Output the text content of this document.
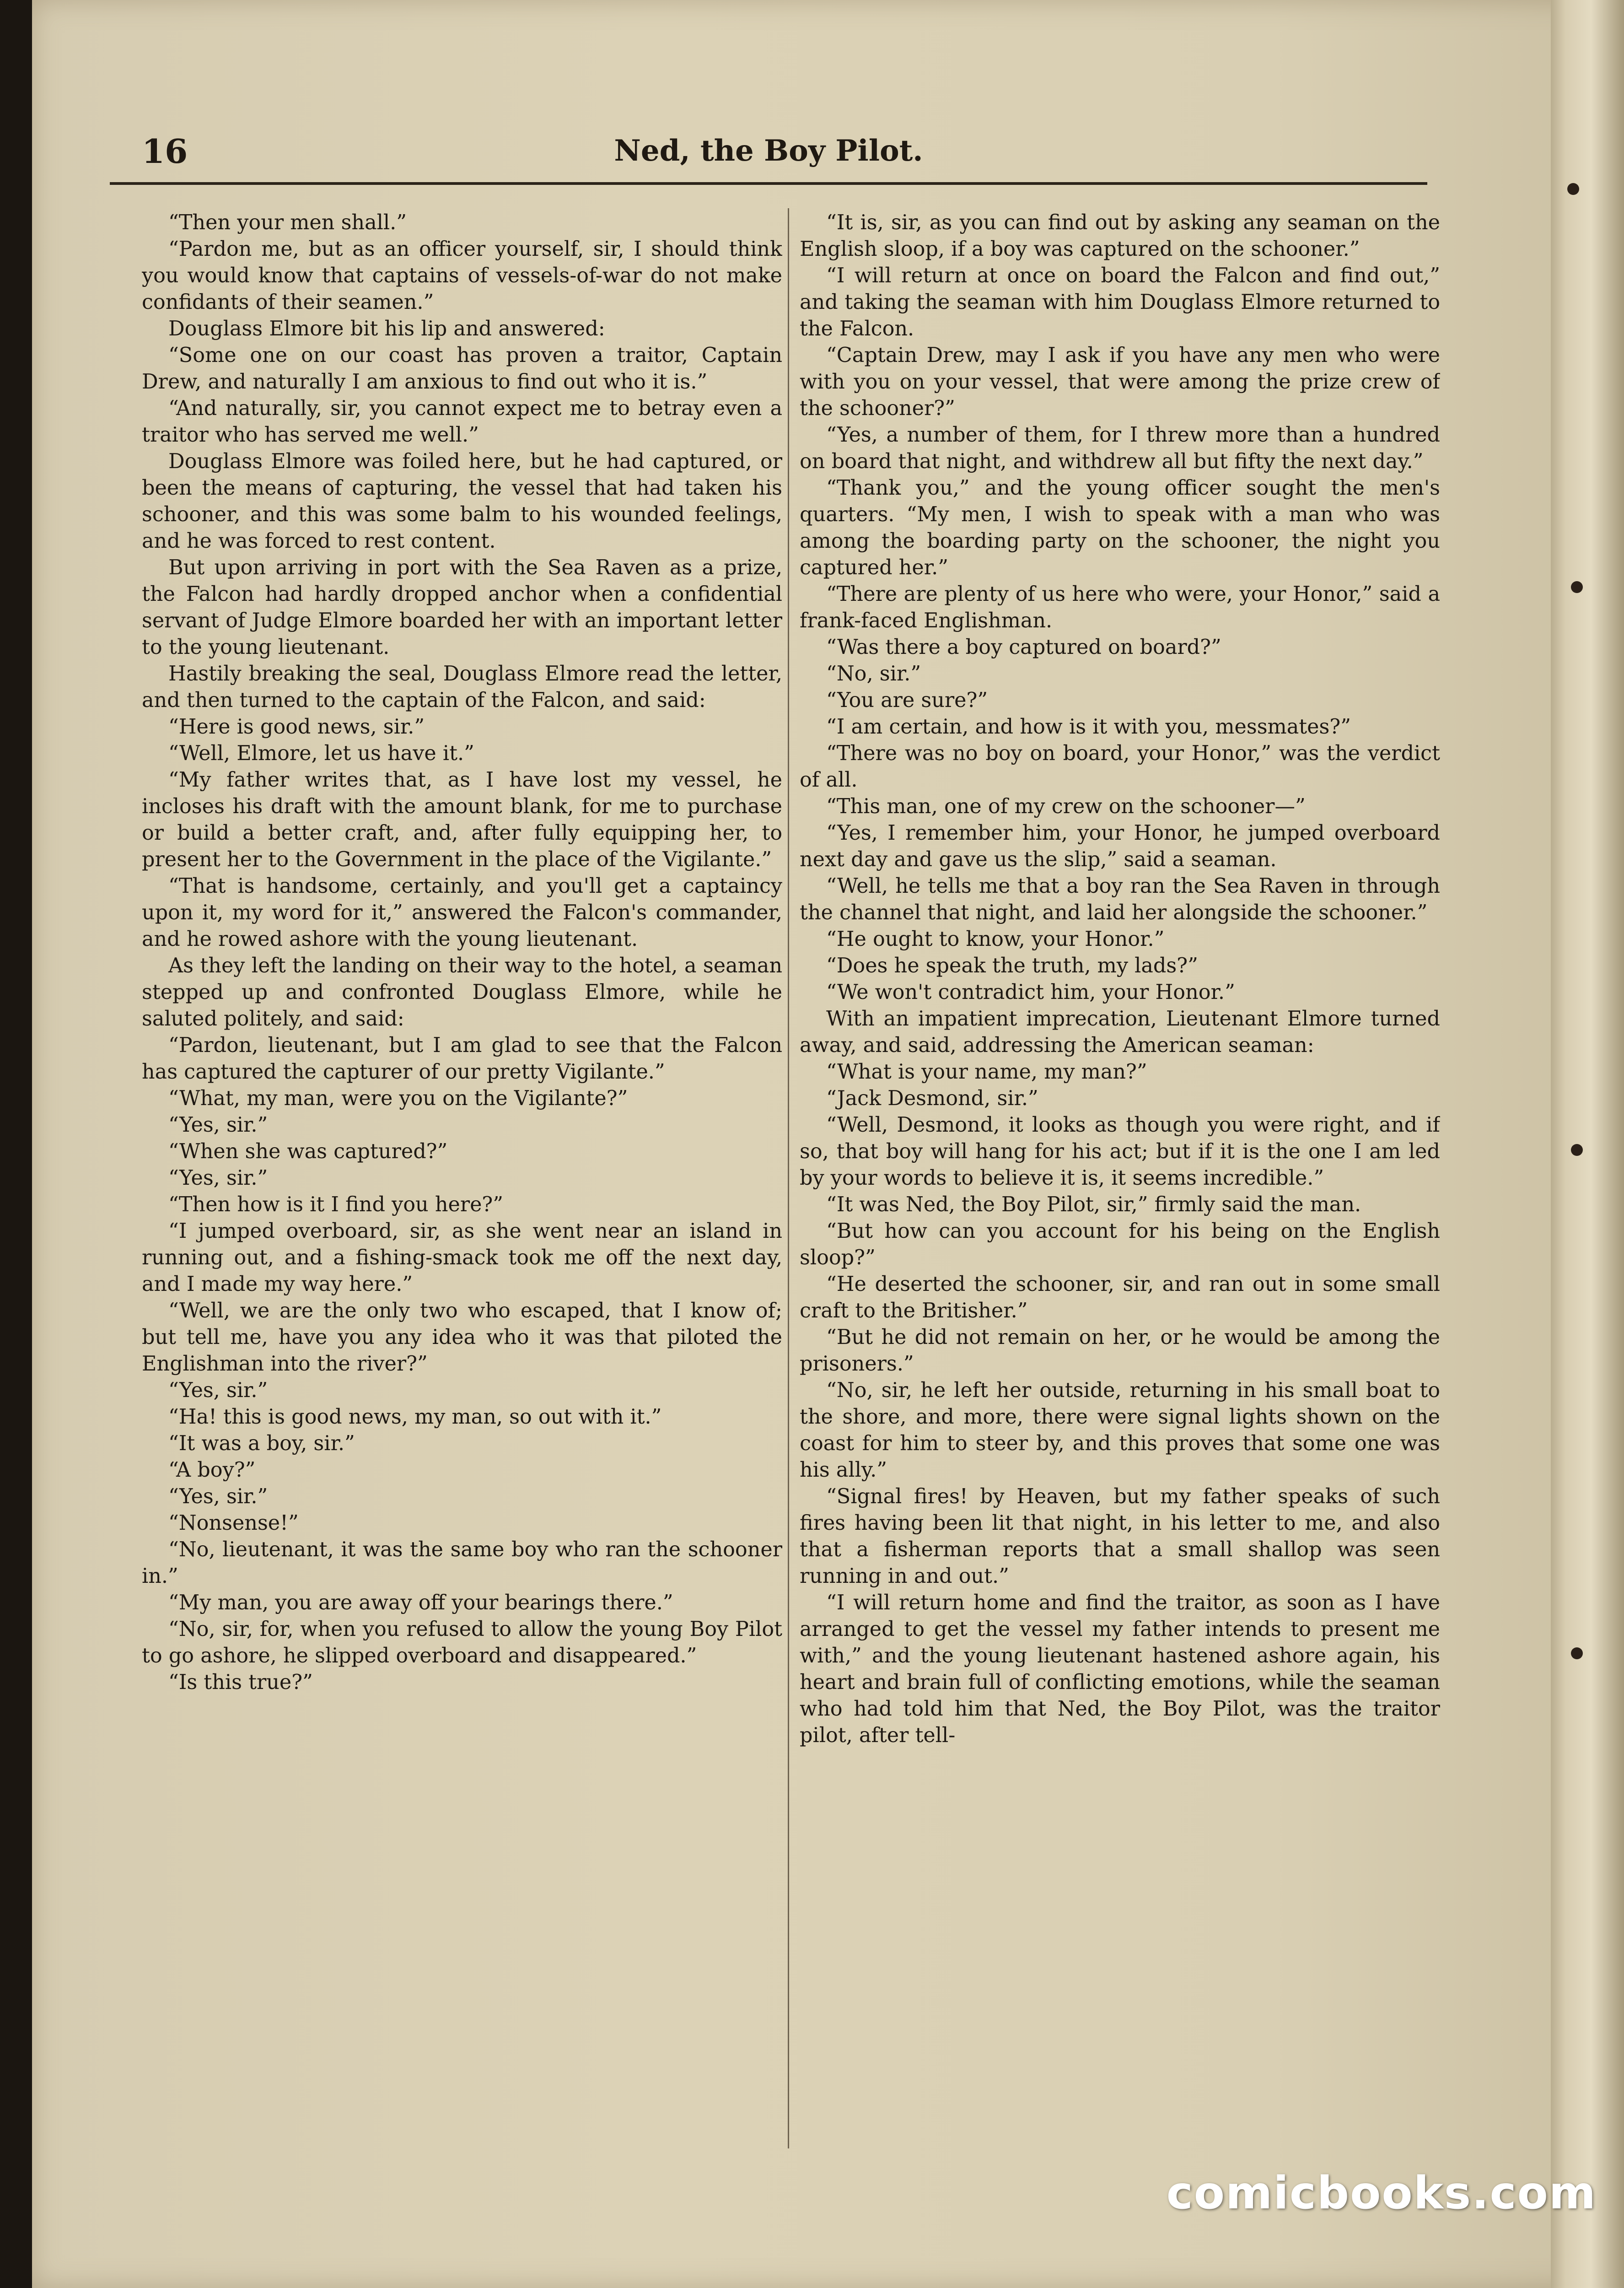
16	Ned, the Boy Pilot.

“Then your men shall.”

“Pardon me, but as an officer yourself, sir, I should think you would know that captains of vessels-of-war do not make confidants of their seamen.”

Douglass Elmore bit his lip and answered:

“Some one on our coast has proven a traitor, Captain Drew, and naturally I am anxious to find out who it is.”

“And naturally, sir, you cannot expect me to betray even a traitor who has served me well.”

Douglass Elmore was foiled here, but he had captured, or been the means of capturing, the vessel that had taken his schooner, and this was some balm to his wounded feelings, and he was forced to rest content.

But upon arriving in port with the Sea Raven as a prize, the Falcon had hardly dropped anchor when a confidential servant of Judge Elmore boarded her with an important letter to the young lieutenant.

Hastily breaking the seal, Douglass Elmore read the letter, and then turned to the captain of the Falcon, and said:

“Here is good news, sir.”

“Well, Elmore, let us have it.”

“My father writes that, as I have lost my vessel, he incloses his draft with the amount blank, for me to purchase or build a better craft, and, after fully equipping her, to present her to the Government in the place of the Vigilante.”

“That is handsome, certainly, and you'll get a captaincy upon it, my word for it,” answered the Falcon's commander, and he rowed ashore with the young lieutenant.

As they left the landing on their way to the hotel, a seaman stepped up and confronted Douglass Elmore, while he saluted politely, and said:

“Pardon, lieutenant, but I am glad to see that the Falcon has captured the capturer of our pretty Vigilante.”

“What, my man, were you on the Vigilante?”

“Yes, sir.”

“When she was captured?”

“Yes, sir.”

“Then how is it I find you here?”

“I jumped overboard, sir, as she went near an island in running out, and a fishing-smack took me off the next day, and I made my way here.”

“Well, we are the only two who escaped, that I know of; but tell me, have you any idea who it was that piloted the Englishman into the river?”

“Yes, sir.”

“Ha! this is good news, my man, so out with it.”

“It was a boy, sir.”

“A boy?”

“Yes, sir.”

“Nonsense!”

“No, lieutenant, it was the same boy who ran the schooner in.”

“My man, you are away off your bearings there.”

“No, sir, for, when you refused to allow the young Boy Pilot to go ashore, he slipped overboard and disappeared.”

“Is this true?”

“It is, sir, as you can find out by asking any seaman on the English sloop, if a boy was captured on the schooner.”

“I will return at once on board the Falcon and find out,” and taking the seaman with him Douglass Elmore returned to the Falcon.

“Captain Drew, may I ask if you have any men who were with you on your vessel, that were among the prize crew of the schooner?”

“Yes, a number of them, for I threw more than a hundred on board that night, and withdrew all but fifty the next day.”

“Thank you,” and the young officer sought the men's quarters. “My men, I wish to speak with a man who was among the boarding party on the schooner, the night you captured her.”

“There are plenty of us here who were, your Honor,” said a frank-faced Englishman.

“Was there a boy captured on board?”

“No, sir.”

“You are sure?”

“I am certain, and how is it with you, messmates?”

“There was no boy on board, your Honor,” was the verdict of all.

“This man, one of my crew on the schooner—”

“Yes, I remember him, your Honor, he jumped overboard next day and gave us the slip,” said a seaman.

“Well, he tells me that a boy ran the Sea Raven in through the channel that night, and laid her alongside the schooner.”

“He ought to know, your Honor.”

“Does he speak the truth, my lads?”

“We won't contradict him, your Honor.”

With an impatient imprecation, Lieutenant Elmore turned away, and said, addressing the American seaman:

“What is your name, my man?”

“Jack Desmond, sir.”

“Well, Desmond, it looks as though you were right, and if so, that boy will hang for his act; but if it is the one I am led by your words to believe it is, it seems incredible.”

“It was Ned, the Boy Pilot, sir,” firmly said the man.

“But how can you account for his being on the English sloop?”

“He deserted the schooner, sir, and ran out in some small craft to the Britisher.”

“But he did not remain on her, or he would be among the prisoners.”

“No, sir, he left her outside, returning in his small boat to the shore, and more, there were signal lights shown on the coast for him to steer by, and this proves that some one was his ally.”

“Signal fires! by Heaven, but my father speaks of such fires having been lit that night, in his letter to me, and also that a fisherman reports that a small shallop was seen running in and out.”

“I will return home and find the traitor, as soon as I have arranged to get the vessel my father intends to present me with,” and the young lieutenant hastened ashore again, his heart and brain full of conflicting emotions, while the seaman who had told him that Ned, the Boy Pilot, was the traitor pilot, after tell-

comicbooks.com
